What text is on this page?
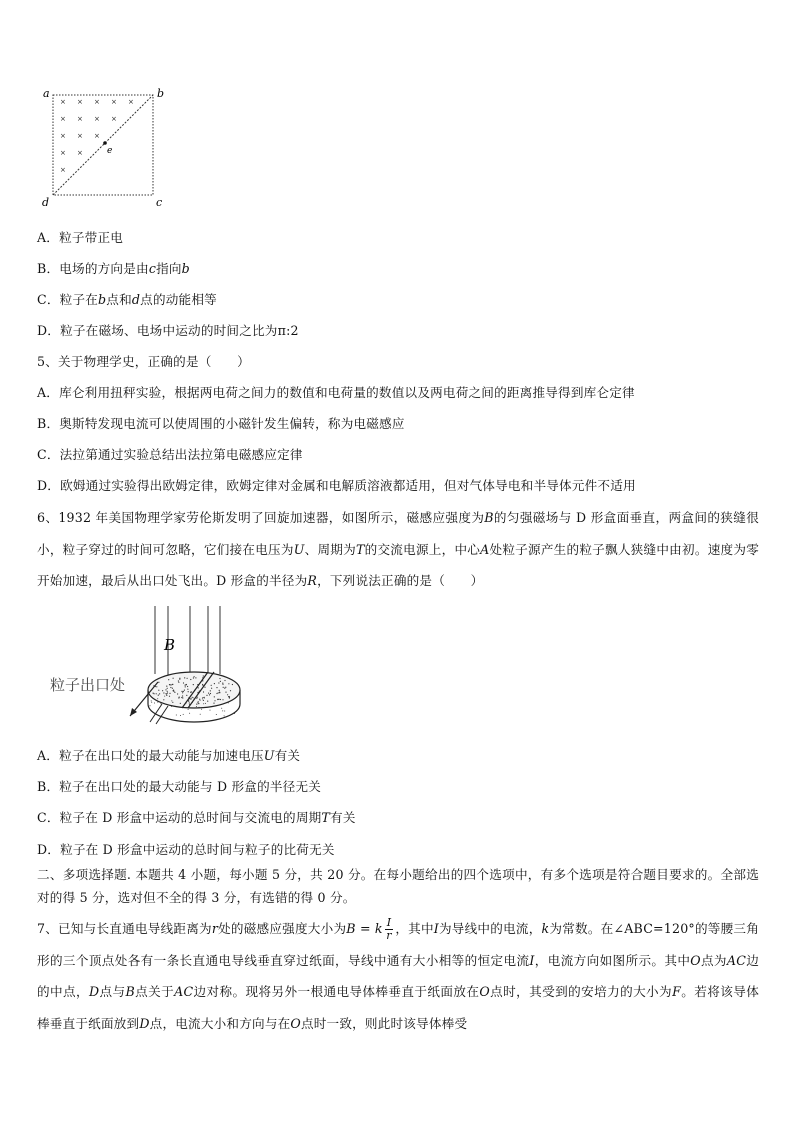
× × × × ×
× × × ×
× × ×
× ×
×
a	b
c
d
e
A．粒子带正电
B．电场的方向是由c指向b
C．粒子在b点和d点的动能相等
D．粒子在磁场、电场中运动的时间之比为π:2
5、关于物理学史，正确的是（　　）
A．库仑利用扭秤实验，根据两电荷之间力的数值和电荷量的数值以及两电荷之间的距离推导得到库仑定律
B．奥斯特发现电流可以使周围的小磁针发生偏转，称为电磁感应
C．法拉第通过实验总结出法拉第电磁感应定律
D．欧姆通过实验得出欧姆定律，欧姆定律对金属和电解质溶液都适用，但对气体导电和半导体元件不适用
6、1932 年美国物理学家劳伦斯发明了回旋加速器，如图所示，磁感应强度为B的匀强磁场与 D 形盒面垂直，两盒间的狭缝很小，粒子穿过的时间可忽略，它们接在电压为U、周期为T的交流电源上，中心A处粒子源产生的粒子飘人狭缝中由初。速度为零开始加速，最后从出口处飞出。D 形盒的半径为R，下列说法正确的是（　　）
B
粒子出口处
A．粒子在出口处的最大动能与加速电压U有关
B．粒子在出口处的最大动能与 D 形盒的半径无关
C．粒子在 D 形盒中运动的总时间与交流电的周期T有关
D．粒子在 D 形盒中运动的总时间与粒子的比荷无关
二、多项选择题. 本题共 4 小题，每小题 5 分，共 20 分。在每小题给出的四个选项中，有多个选项是符合题目要求的。全部选对的得 5 分，选对但不全的得 3 分，有选错的得 0 分。
7、已知与长直通电导线距离为r处的磁感应强度大小为B = k $\frac{I}{r}$ ，其中I为导线中的电流，k为常数。在∠ABC=120°的等腰三角形的三个顶点处各有一条长直通电导线垂直穿过纸面，导线中通有大小相等的恒定电流I，电流方向如图所示。其中O点为AC边的中点，D点与B点关于AC边对称。现将另外一根通电导体棒垂直于纸面放在O点时，其受到的安培力的大小为F。若将该导体棒垂直于纸面放到D点，电流大小和方向与在O点时一致，则此时该导体棒受
